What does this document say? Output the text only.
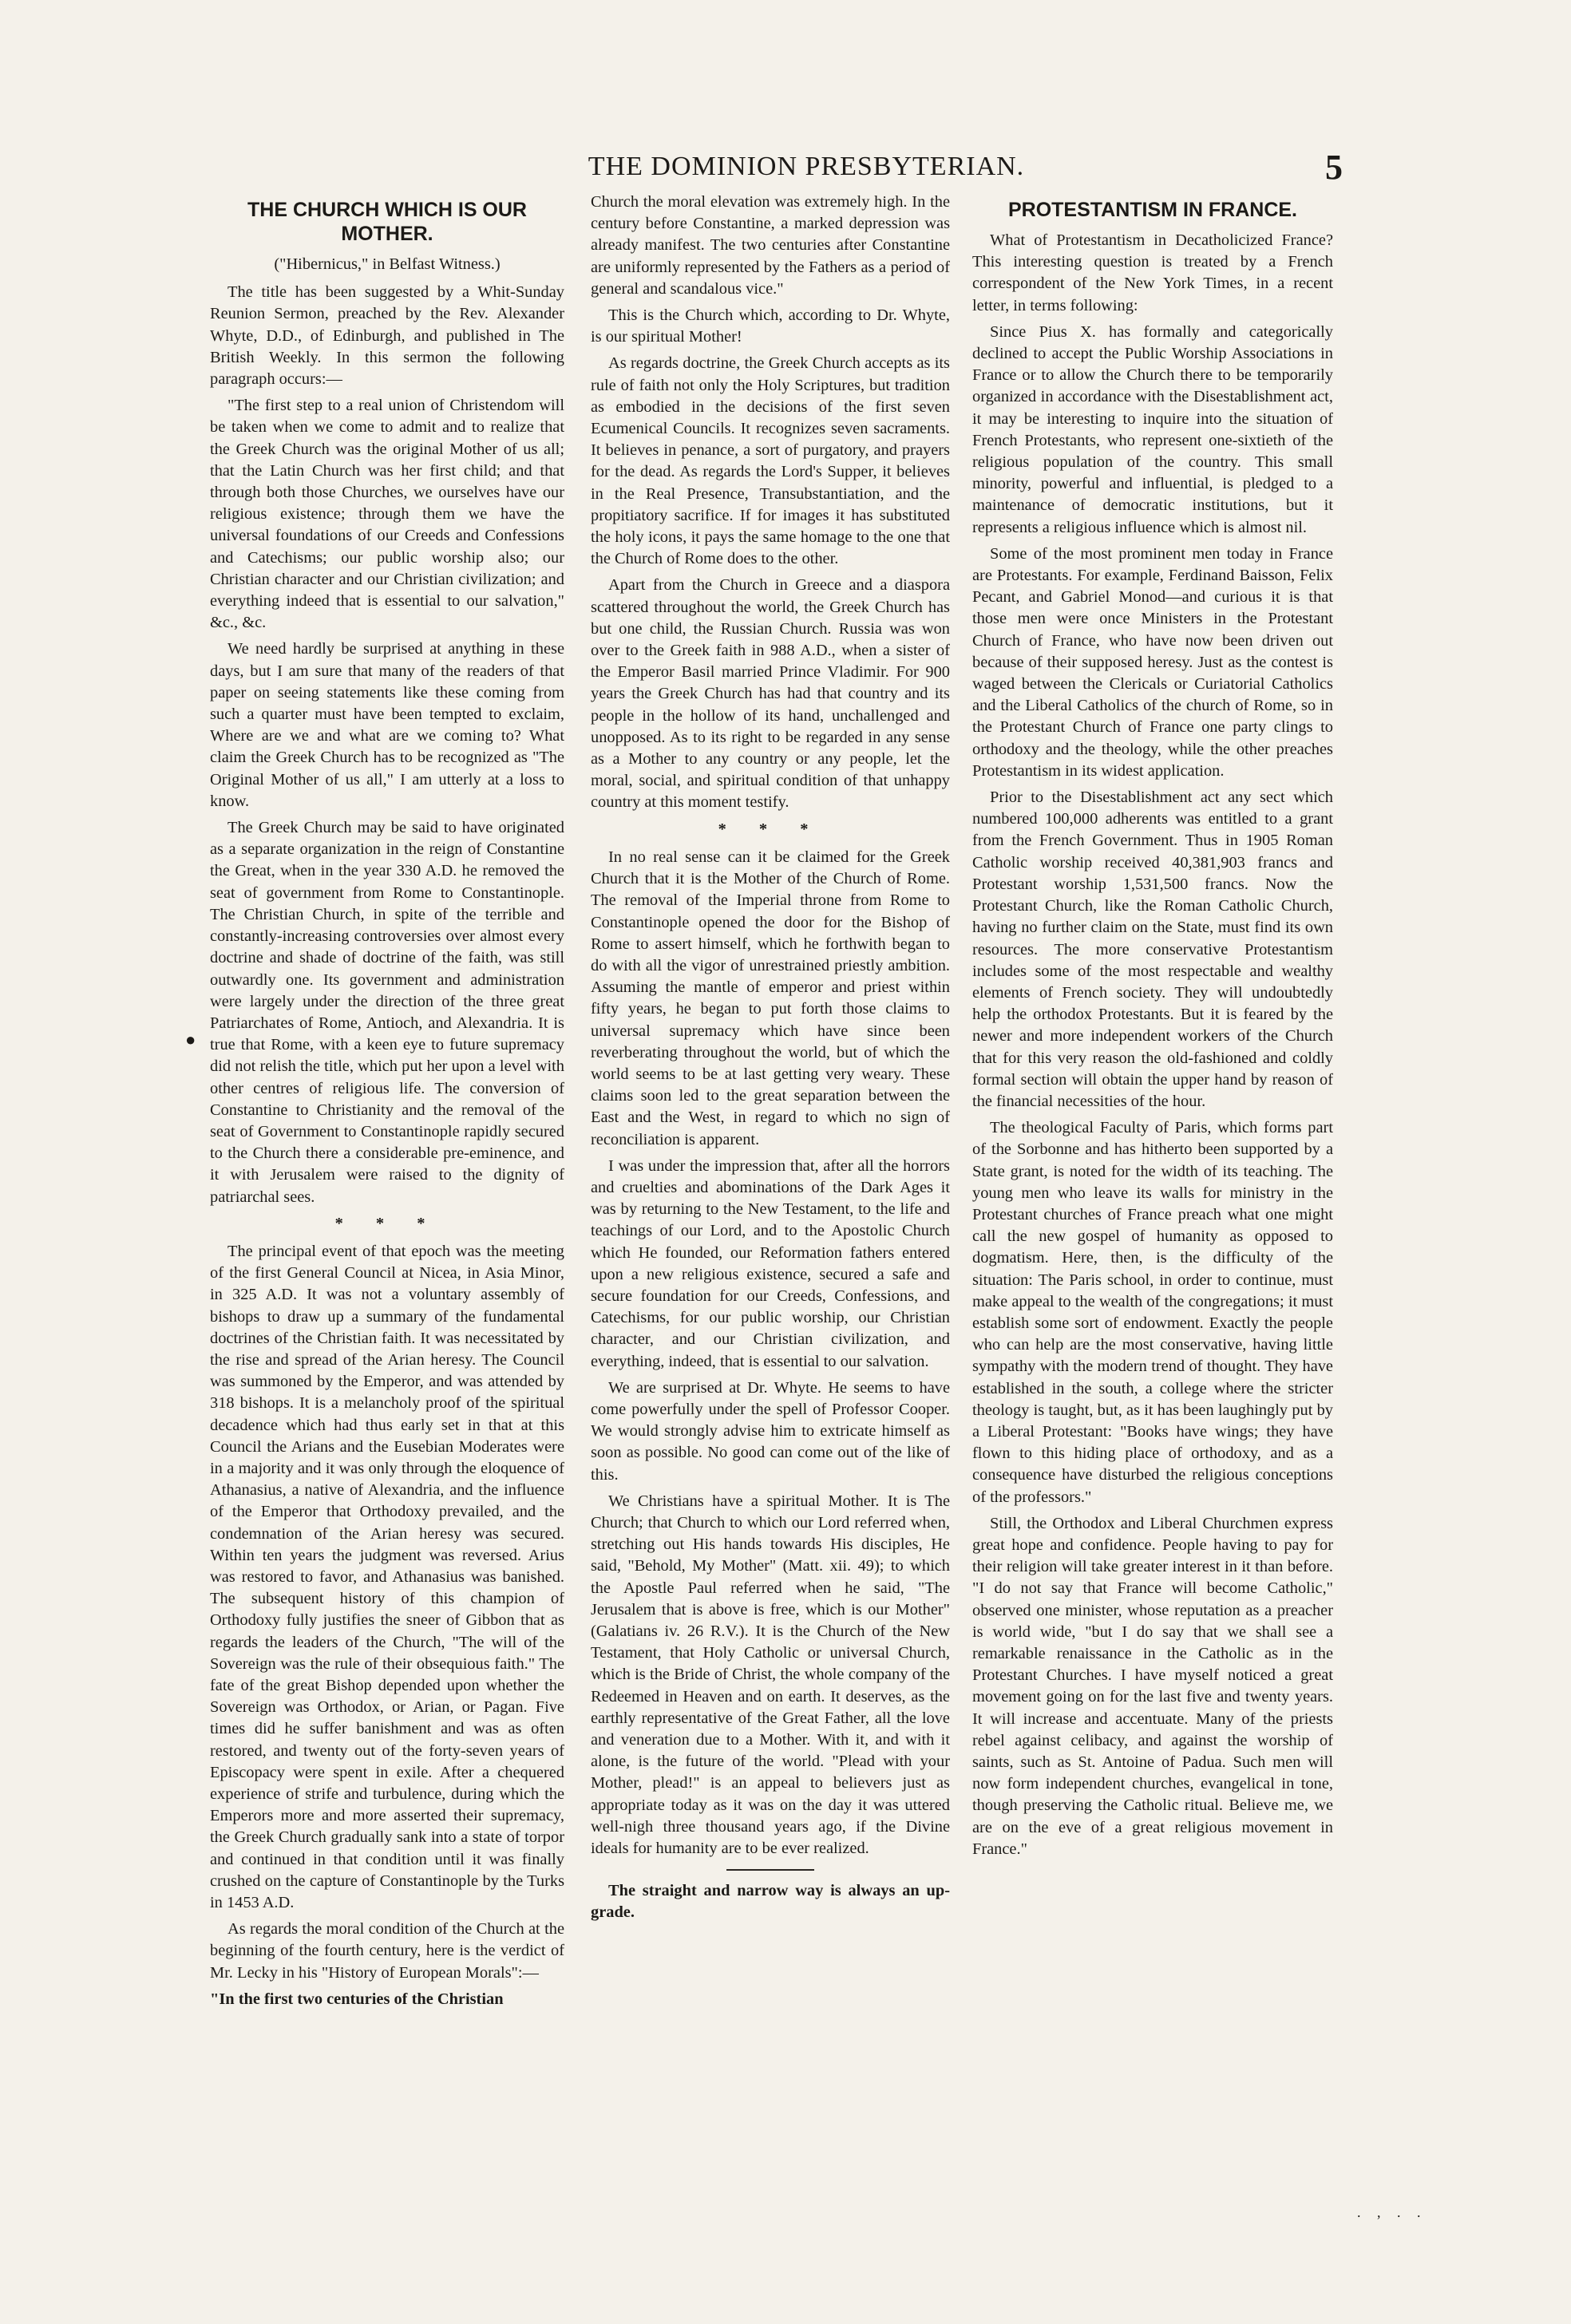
THE DOMINION PRESBYTERIAN.	5
●
THE CHURCH WHICH IS OUR MOTHER.
("Hibernicus," in Belfast Witness.)

The title has been suggested by a Whit-Sunday Reunion Sermon, preached by the Rev. Alexander Whyte, D.D., of Edinburgh, and published in The British Weekly. In this sermon the following paragraph occurs:—

"The first step to a real union of Christendom will be taken when we come to admit and to realize that the Greek Church was the original Mother of us all; that the Latin Church was her first child; and that through both those Churches, we ourselves have our religious existence; through them we have the universal foundations of our Creeds and Confessions and Catechisms; our public worship also; our Christian character and our Christian civilization; and everything indeed that is essential to our salvation," &c., &c.

We need hardly be surprised at anything in these days, but I am sure that many of the readers of that paper on seeing statements like these coming from such a quarter must have been tempted to exclaim, Where are we and what are we coming to? What claim the Greek Church has to be recognized as "The Original Mother of us all," I am utterly at a loss to know.

The Greek Church may be said to have originated as a separate organization in the reign of Constantine the Great, when in the year 330 A.D. he removed the seat of government from Rome to Constantinople. The Christian Church, in spite of the terrible and constantly-increasing controversies over almost every doctrine and shade of doctrine of the faith, was still outwardly one. Its government and administration were largely under the direction of the three great Patriarchates of Rome, Antioch, and Alexandria. It is true that Rome, with a keen eye to future supremacy did not relish the title, which put her upon a level with other centres of religious life. The conversion of Constantine to Christianity and the removal of the seat of Government to Constantinople rapidly secured to the Church there a considerable pre-eminence, and it with Jerusalem were raised to the dignity of patriarchal sees.

* * *

The principal event of that epoch was the meeting of the first General Council at Nicea, in Asia Minor, in 325 A.D. It was not a voluntary assembly of bishops to draw up a summary of the fundamental doctrines of the Christian faith. It was necessitated by the rise and spread of the Arian heresy. The Council was summoned by the Emperor, and was attended by 318 bishops. It is a melancholy proof of the spiritual decadence which had thus early set in that at this Council the Arians and the Eusebian Moderates were in a majority and it was only through the eloquence of Athanasius, a native of Alexandria, and the influence of the Emperor that Orthodoxy prevailed, and the condemnation of the Arian heresy was secured. Within ten years the judgment was reversed. Arius was restored to favor, and Athanasius was banished. The subsequent history of this champion of Orthodoxy fully justifies the sneer of Gibbon that as regards the leaders of the Church, "The will of the Sovereign was the rule of their obsequious faith." The fate of the great Bishop depended upon whether the Sovereign was Orthodox, or Arian, or Pagan. Five times did he suffer banishment and was as often restored, and twenty out of the forty-seven years of Episcopacy were spent in exile. After a chequered experience of strife and turbulence, during which the Emperors more and more asserted their supremacy, the Greek Church gradually sank into a state of torpor and continued in that condition until it was finally crushed on the capture of Constantinople by the Turks in 1453 A.D.

As regards the moral condition of the Church at the beginning of the fourth century, here is the verdict of Mr. Lecky in his "History of European Morals":—

"In the first two centuries of the Christian

Church the moral elevation was extremely high. In the century before Constantine, a marked depression was already manifest. The two centuries after Constantine are uniformly represented by the Fathers as a period of general and scandalous vice."

This is the Church which, according to Dr. Whyte, is our spiritual Mother!

As regards doctrine, the Greek Church accepts as its rule of faith not only the Holy Scriptures, but tradition as embodied in the decisions of the first seven Ecumenical Councils. It recognizes seven sacraments. It believes in penance, a sort of purgatory, and prayers for the dead. As regards the Lord's Supper, it believes in the Real Presence, Transubstantiation, and the propitiatory sacrifice. If for images it has substituted the holy icons, it pays the same homage to the one that the Church of Rome does to the other.

Apart from the Church in Greece and a diaspora scattered throughout the world, the Greek Church has but one child, the Russian Church. Russia was won over to the Greek faith in 988 A.D., when a sister of the Emperor Basil married Prince Vladimir. For 900 years the Greek Church has had that country and its people in the hollow of its hand, unchallenged and unopposed. As to its right to be regarded in any sense as a Mother to any country or any people, let the moral, social, and spiritual condition of that unhappy country at this moment testify.

* * *

In no real sense can it be claimed for the Greek Church that it is the Mother of the Church of Rome. The removal of the Imperial throne from Rome to Constantinople opened the door for the Bishop of Rome to assert himself, which he forthwith began to do with all the vigor of unrestrained priestly ambition. Assuming the mantle of emperor and priest within fifty years, he began to put forth those claims to universal supremacy which have since been reverberating throughout the world, but of which the world seems to be at last getting very weary. These claims soon led to the great separation between the East and the West, in regard to which no sign of reconciliation is apparent.

I was under the impression that, after all the horrors and cruelties and abominations of the Dark Ages it was by returning to the New Testament, to the life and teachings of our Lord, and to the Apostolic Church which He founded, our Reformation fathers entered upon a new religious existence, secured a safe and secure foundation for our Creeds, Confessions, and Catechisms, for our public worship, our Christian character, and our Christian civilization, and everything, indeed, that is essential to our salvation.

We are surprised at Dr. Whyte. He seems to have come powerfully under the spell of Professor Cooper. We would strongly advise him to extricate himself as soon as possible. No good can come out of the like of this.

We Christians have a spiritual Mother. It is The Church; that Church to which our Lord referred when, stretching out His hands towards His disciples, He said, "Behold, My Mother" (Matt. xii. 49); to which the Apostle Paul referred when he said, "The Jerusalem that is above is free, which is our Mother" (Galatians iv. 26 R.V.). It is the Church of the New Testament, that Holy Catholic or universal Church, which is the Bride of Christ, the whole company of the Redeemed in Heaven and on earth. It deserves, as the earthly representative of the Great Father, all the love and veneration due to a Mother. With it, and with it alone, is the future of the world. "Plead with your Mother, plead!" is an appeal to believers just as appropriate today as it was on the day it was uttered well-nigh three thousand years ago, if the Divine ideals for humanity are to be ever realized.

The straight and narrow way is always an up-grade.

PROTESTANTISM IN FRANCE.

What of Protestantism in Decatholicized France? This interesting question is treated by a French correspondent of the New York Times, in a recent letter, in terms following:

Since Pius X. has formally and categorically declined to accept the Public Worship Associations in France or to allow the Church there to be temporarily organized in accordance with the Disestablishment act, it may be interesting to inquire into the situation of French Protestants, who represent one-sixtieth of the religious population of the country. This small minority, powerful and influential, is pledged to a maintenance of democratic institutions, but it represents a religious influence which is almost nil.

Some of the most prominent men today in France are Protestants. For example, Ferdinand Baisson, Felix Pecant, and Gabriel Monod—and curious it is that those men were once Ministers in the Protestant Church of France, who have now been driven out because of their supposed heresy. Just as the contest is waged between the Clericals or Curiatorial Catholics and the Liberal Catholics of the church of Rome, so in the Protestant Church of France one party clings to orthodoxy and the theology, while the other preaches Protestantism in its widest application.

Prior to the Disestablishment act any sect which numbered 100,000 adherents was entitled to a grant from the French Government. Thus in 1905 Roman Catholic worship received 40,381,903 francs and Protestant worship 1,531,500 francs. Now the Protestant Church, like the Roman Catholic Church, having no further claim on the State, must find its own resources. The more conservative Protestantism includes some of the most respectable and wealthy elements of French society. They will undoubtedly help the orthodox Protestants. But it is feared by the newer and more independent workers of the Church that for this very reason the old-fashioned and coldly formal section will obtain the upper hand by reason of the financial necessities of the hour.

The theological Faculty of Paris, which forms part of the Sorbonne and has hitherto been supported by a State grant, is noted for the width of its teaching. The young men who leave its walls for ministry in the Protestant churches of France preach what one might call the new gospel of humanity as opposed to dogmatism. Here, then, is the difficulty of the situation: The Paris school, in order to continue, must make appeal to the wealth of the congregations; it must establish some sort of endowment. Exactly the people who can help are the most conservative, having little sympathy with the modern trend of thought. They have established in the south, a college where the stricter theology is taught, but, as it has been laughingly put by a Liberal Protestant: "Books have wings; they have flown to this hiding place of orthodoxy, and as a consequence have disturbed the religious conceptions of the professors."

Still, the Orthodox and Liberal Churchmen express great hope and confidence. People having to pay for their religion will take greater interest in it than before. "I do not say that France will become Catholic," observed one minister, whose reputation as a preacher is world wide, "but I do say that we shall see a remarkable renaissance in the Catholic as in the Protestant Churches. I have myself noticed a great movement going on for the last five and twenty years. It will increase and accentuate. Many of the priests rebel against celibacy, and against the worship of saints, such as St. Antoine of Padua. Such men will now form independent churches, evangelical in tone, though preserving the Catholic ritual. Believe me, we are on the eve of a great religious movement in France."

. , . .
